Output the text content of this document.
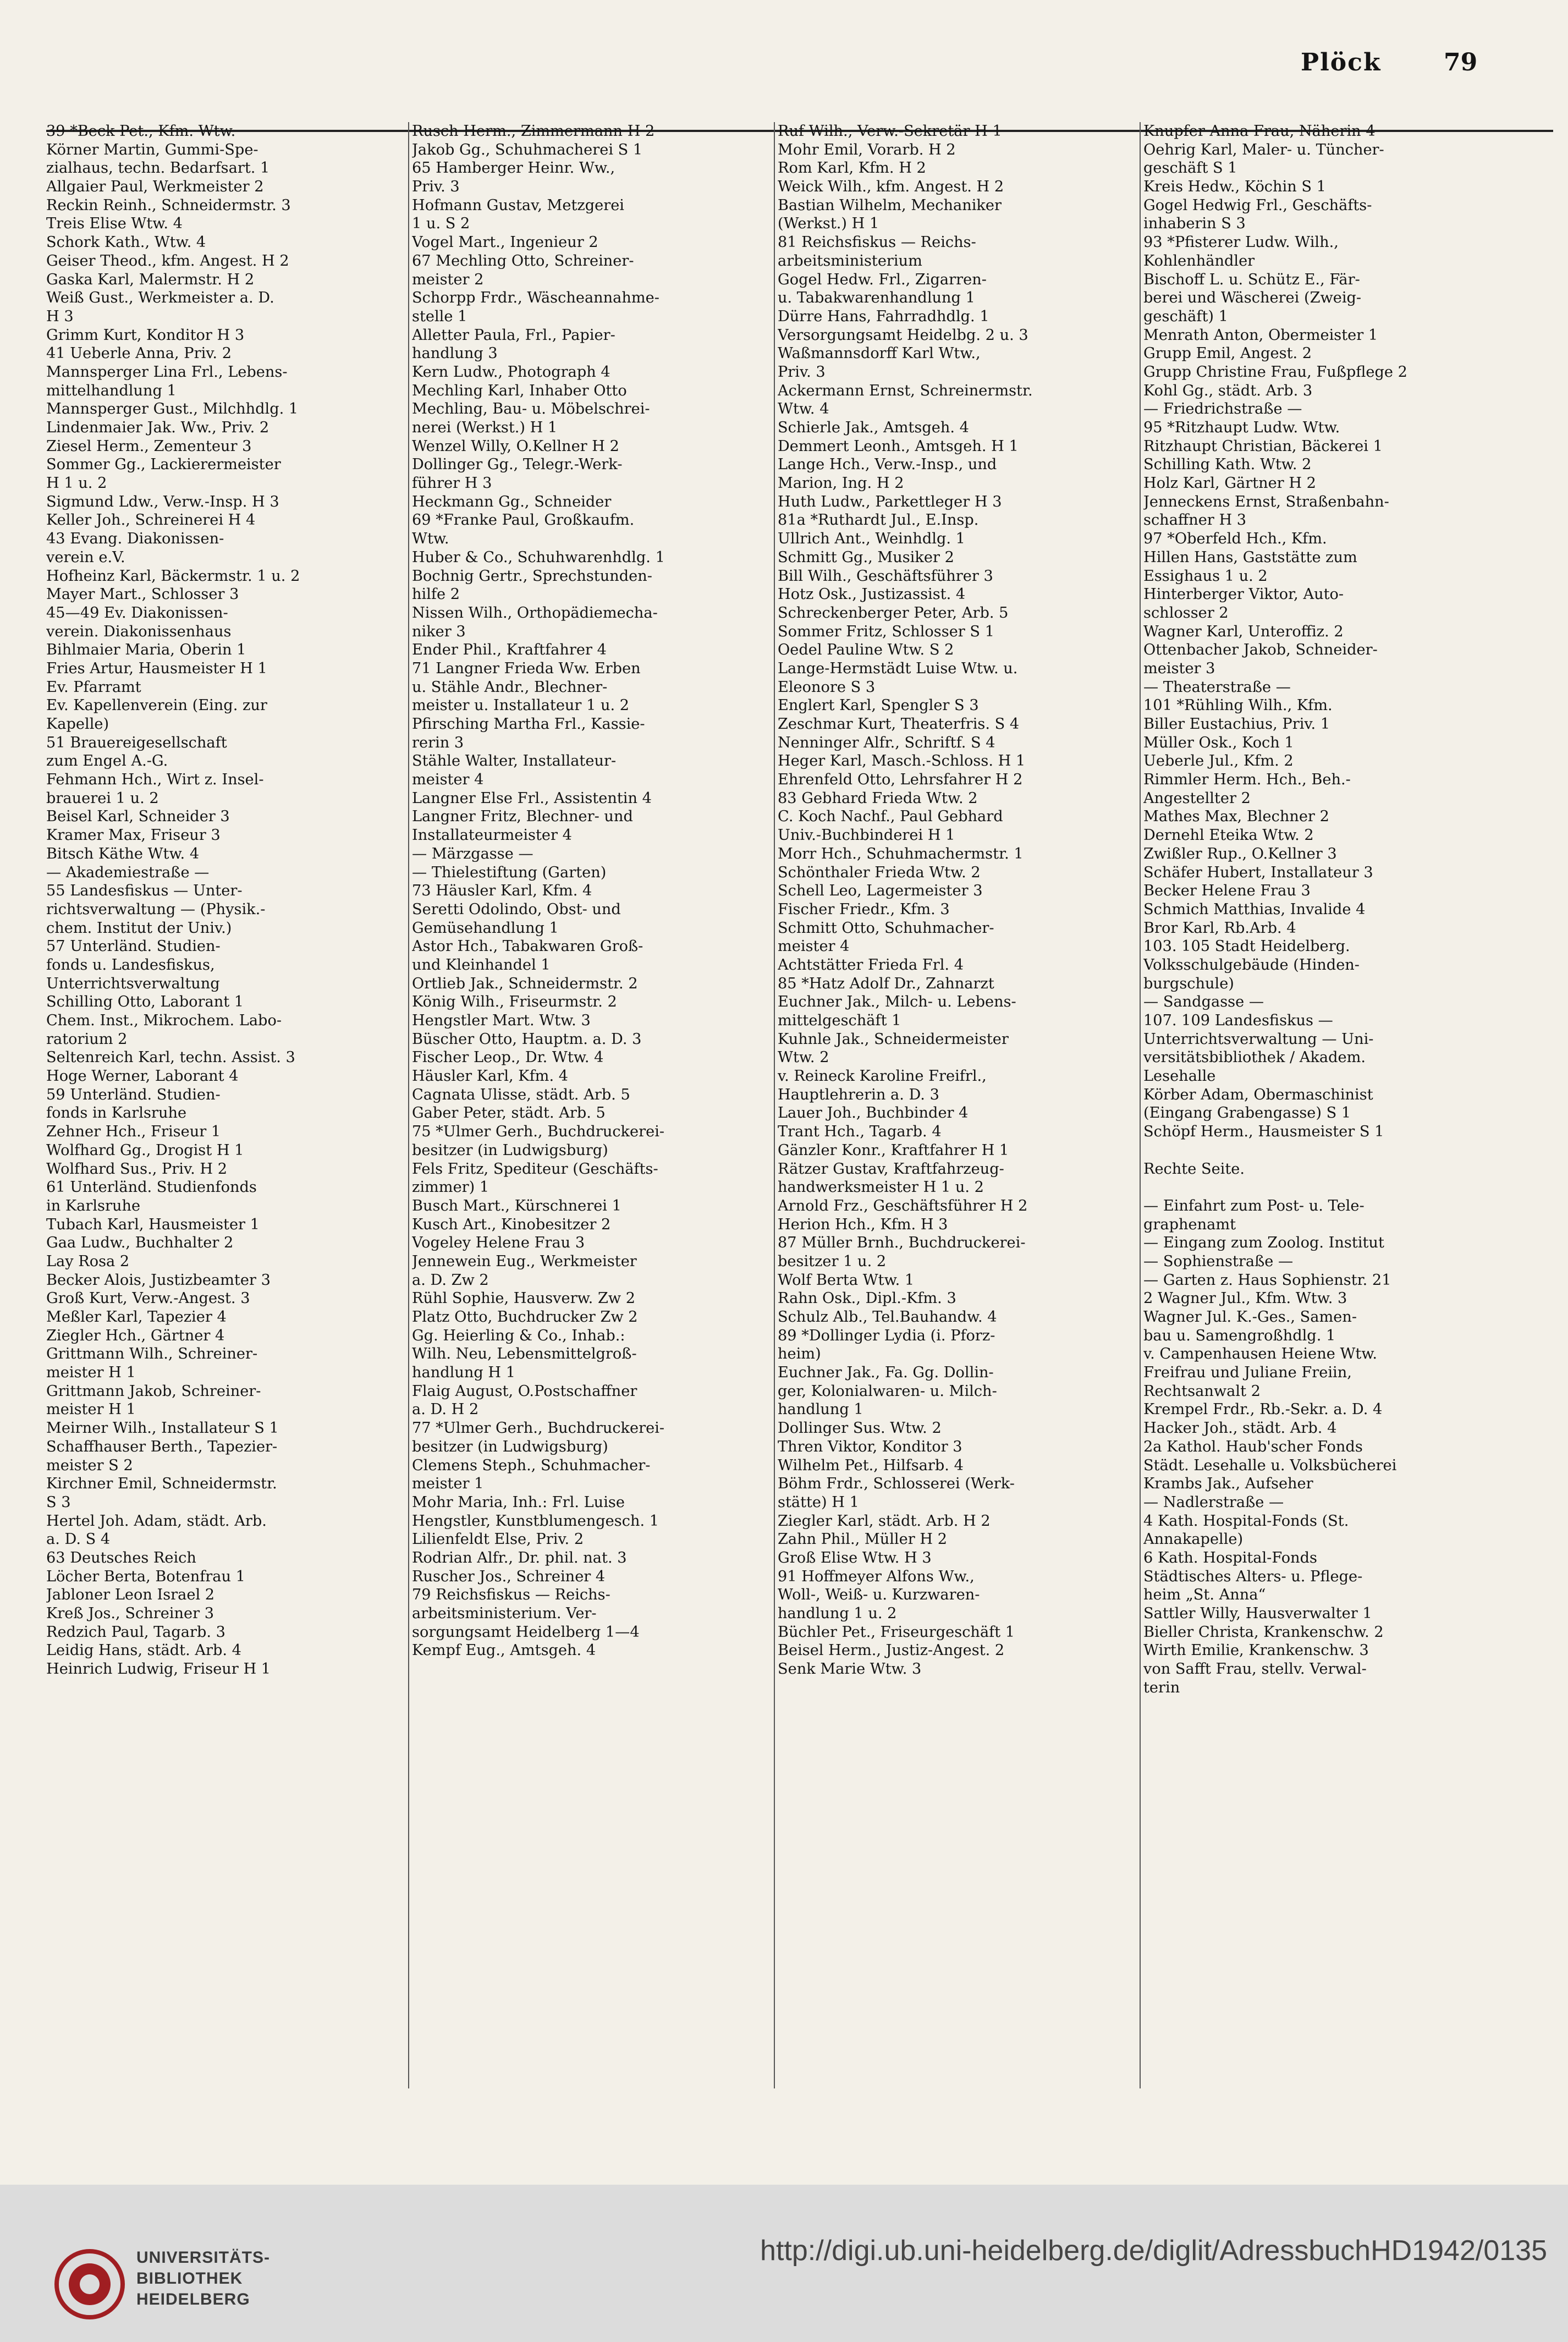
Plöck	79
39 *Beck Pet., Kfm. Wtw.
Körner Martin, Gummi-Spe-
zialhaus, techn. Bedarfsart. 1
Allgaier Paul, Werkmeister 2
Reckin Reinh., Schneidermstr. 3
Treis Elise Wtw. 4
Schork Kath., Wtw. 4
Geiser Theod., kfm. Angest. H 2
Gaska Karl, Malermstr. H 2
Weiß Gust., Werkmeister a. D.
H 3
Grimm Kurt, Konditor H 3
41 Ueberle Anna, Priv. 2
Mannsperger Lina Frl., Lebens-
mittelhandlung 1
Mannsperger Gust., Milchhdlg. 1
Lindenmaier Jak. Ww., Priv. 2
Ziesel Herm., Zementeur 3
Sommer Gg., Lackierermeister
H 1 u. 2
Sigmund Ldw., Verw.-Insp. H 3
Keller Joh., Schreinerei H 4
43 Evang. Diakonissen-
verein e.V.
Hofheinz Karl, Bäckermstr. 1 u. 2
Mayer Mart., Schlosser 3
45—49 Ev. Diakonissen-
verein. Diakonissenhaus
Bihlmaier Maria, Oberin 1
Fries Artur, Hausmeister H 1
Ev. Pfarramt
Ev. Kapellenverein (Eing. zur
Kapelle)
51 Brauereigesellschaft
zum Engel A.-G.
Fehmann Hch., Wirt z. Insel-
brauerei 1 u. 2
Beisel Karl, Schneider 3
Kramer Max, Friseur 3
Bitsch Käthe Wtw. 4
— Akademiestraße —
55 Landesfiskus — Unter-
richtsverwaltung — (Physik.-
chem. Institut der Univ.)
57 Unterländ. Studien-
fonds u. Landesfiskus,
Unterrichtsverwaltung
Schilling Otto, Laborant 1
Chem. Inst., Mikrochem. Labo-
ratorium 2
Seltenreich Karl, techn. Assist. 3
Hoge Werner, Laborant 4
59 Unterländ. Studien-
fonds in Karlsruhe
Zehner Hch., Friseur 1
Wolfhard Gg., Drogist H 1
Wolfhard Sus., Priv. H 2
61 Unterländ. Studienfonds
in Karlsruhe
Tubach Karl, Hausmeister 1
Gaa Ludw., Buchhalter 2
Lay Rosa 2
Becker Alois, Justizbeamter 3
Groß Kurt, Verw.-Angest. 3
Meßler Karl, Tapezier 4
Ziegler Hch., Gärtner 4
Grittmann Wilh., Schreiner-
meister H 1
Grittmann Jakob, Schreiner-
meister H 1
Meirner Wilh., Installateur S 1
Schaffhauser Berth., Tapezier-
meister S 2
Kirchner Emil, Schneidermstr.
S 3
Hertel Joh. Adam, städt. Arb.
a. D. S 4
63 Deutsches Reich
Löcher Berta, Botenfrau 1
Jabloner Leon Israel 2
Kreß Jos., Schreiner 3
Redzich Paul, Tagarb. 3
Leidig Hans, städt. Arb. 4
Heinrich Ludwig, Friseur H 1
Rusch Herm., Zimmermann H 2
Jakob Gg., Schuhmacherei S 1
65 Hamberger Heinr. Ww.,
Priv. 3
Hofmann Gustav, Metzgerei
1 u. S 2
Vogel Mart., Ingenieur 2
67 Mechling Otto, Schreiner-
meister 2
Schorpp Frdr., Wäscheannahme-
stelle 1
Alletter Paula, Frl., Papier-
handlung 3
Kern Ludw., Photograph 4
Mechling Karl, Inhaber Otto
Mechling, Bau- u. Möbelschrei-
nerei (Werkst.) H 1
Wenzel Willy, O.Kellner H 2
Dollinger Gg., Telegr.-Werk-
führer H 3
Heckmann Gg., Schneider
69 *Franke Paul, Großkaufm.
Wtw.
Huber & Co., Schuhwarenhdlg. 1
Bochnig Gertr., Sprechstunden-
hilfe 2
Nissen Wilh., Orthopädiemecha-
niker 3
Ender Phil., Kraftfahrer 4
71 Langner Frieda Ww. Erben
u. Stähle Andr., Blechner-
meister u. Installateur 1 u. 2
Pfirsching Martha Frl., Kassie-
rerin 3
Stähle Walter, Installateur-
meister 4
Langner Else Frl., Assistentin 4
Langner Fritz, Blechner- und
Installateurmeister 4
— Märzgasse —
— Thielestiftung (Garten)
73 Häusler Karl, Kfm. 4
Seretti Odolindo, Obst- und
Gemüsehandlung 1
Astor Hch., Tabakwaren Groß-
und Kleinhandel 1
Ortlieb Jak., Schneidermstr. 2
König Wilh., Friseurmstr. 2
Hengstler Mart. Wtw. 3
Büscher Otto, Hauptm. a. D. 3
Fischer Leop., Dr. Wtw. 4
Häusler Karl, Kfm. 4
Cagnata Ulisse, städt. Arb. 5
Gaber Peter, städt. Arb. 5
75 *Ulmer Gerh., Buchdruckerei-
besitzer (in Ludwigsburg)
Fels Fritz, Spediteur (Geschäfts-
zimmer) 1
Busch Mart., Kürschnerei 1
Kusch Art., Kinobesitzer 2
Vogeley Helene Frau 3
Jennewein Eug., Werkmeister
a. D. Zw 2
Rühl Sophie, Hausverw. Zw 2
Platz Otto, Buchdrucker Zw 2
Gg. Heierling & Co., Inhab.:
Wilh. Neu, Lebensmittelgroß-
handlung H 1
Flaig August, O.Postschaffner
a. D. H 2
77 *Ulmer Gerh., Buchdruckerei-
besitzer (in Ludwigsburg)
Clemens Steph., Schuhmacher-
meister 1
Mohr Maria, Inh.: Frl. Luise
Hengstler, Kunstblumengesch. 1
Lilienfeldt Else, Priv. 2
Rodrian Alfr., Dr. phil. nat. 3
Ruscher Jos., Schreiner 4
79 Reichsfiskus — Reichs-
arbeitsministerium. Ver-
sorgungsamt Heidelberg 1—4
Kempf Eug., Amtsgeh. 4
Ruf Wilh., Verw.-Sekretär H 1
Mohr Emil, Vorarb. H 2
Rom Karl, Kfm. H 2
Weick Wilh., kfm. Angest. H 2
Bastian Wilhelm, Mechaniker
(Werkst.) H 1
81 Reichsfiskus — Reichs-
arbeitsministerium
Gogel Hedw. Frl., Zigarren-
u. Tabakwarenhandlung 1
Dürre Hans, Fahrradhdlg. 1
Versorgungsamt Heidelbg. 2 u. 3
Waßmannsdorff Karl Wtw.,
Priv. 3
Ackermann Ernst, Schreinermstr.
Wtw. 4
Schierle Jak., Amtsgeh. 4
Demmert Leonh., Amtsgeh. H 1
Lange Hch., Verw.-Insp., und
Marion, Ing. H 2
Huth Ludw., Parkettleger H 3
81a *Ruthardt Jul., E.Insp.
Ullrich Ant., Weinhdlg. 1
Schmitt Gg., Musiker 2
Bill Wilh., Geschäftsführer 3
Hotz Osk., Justizassist. 4
Schreckenberger Peter, Arb. 5
Sommer Fritz, Schlosser S 1
Oedel Pauline Wtw. S 2
Lange-Hermstädt Luise Wtw. u.
Eleonore S 3
Englert Karl, Spengler S 3
Zeschmar Kurt, Theaterfris. S 4
Nenninger Alfr., Schriftf. S 4
Heger Karl, Masch.-Schloss. H 1
Ehrenfeld Otto, Lehrsfahrer H 2
83 Gebhard Frieda Wtw. 2
C. Koch Nachf., Paul Gebhard
Univ.-Buchbinderei H 1
Morr Hch., Schuhmachermstr. 1
Schönthaler Frieda Wtw. 2
Schell Leo, Lagermeister 3
Fischer Friedr., Kfm. 3
Schmitt Otto, Schuhmacher-
meister 4
Achtstätter Frieda Frl. 4
85 *Hatz Adolf Dr., Zahnarzt
Euchner Jak., Milch- u. Lebens-
mittelgeschäft 1
Kuhnle Jak., Schneidermeister
Wtw. 2
v. Reineck Karoline Freifrl.,
Hauptlehrerin a. D. 3
Lauer Joh., Buchbinder 4
Trant Hch., Tagarb. 4
Gänzler Konr., Kraftfahrer H 1
Rätzer Gustav, Kraftfahrzeug-
handwerksmeister H 1 u. 2
Arnold Frz., Geschäftsführer H 2
Herion Hch., Kfm. H 3
87 Müller Brnh., Buchdruckerei-
besitzer 1 u. 2
Wolf Berta Wtw. 1
Rahn Osk., Dipl.-Kfm. 3
Schulz Alb., Tel.Bauhandw. 4
89 *Dollinger Lydia (i. Pforz-
heim)
Euchner Jak., Fa. Gg. Dollin-
ger, Kolonialwaren- u. Milch-
handlung 1
Dollinger Sus. Wtw. 2
Thren Viktor, Konditor 3
Wilhelm Pet., Hilfsarb. 4
Böhm Frdr., Schlosserei (Werk-
stätte) H 1
Ziegler Karl, städt. Arb. H 2
Zahn Phil., Müller H 2
Groß Elise Wtw. H 3
91 Hoffmeyer Alfons Ww.,
Woll-, Weiß- u. Kurzwaren-
handlung 1 u. 2
Büchler Pet., Friseurgeschäft 1
Beisel Herm., Justiz-Angest. 2
Senk Marie Wtw. 3
Knupfer Anna Frau, Näherin 4
Oehrig Karl, Maler- u. Tüncher-
geschäft S 1
Kreis Hedw., Köchin S 1
Gogel Hedwig Frl., Geschäfts-
inhaberin S 3
93 *Pfisterer Ludw. Wilh.,
Kohlenhändler
Bischoff L. u. Schütz E., Fär-
berei und Wäscherei (Zweig-
geschäft) 1
Menrath Anton, Obermeister 1
Grupp Emil, Angest. 2
Grupp Christine Frau, Fußpflege 2
Kohl Gg., städt. Arb. 3
— Friedrichstraße —
95 *Ritzhaupt Ludw. Wtw.
Ritzhaupt Christian, Bäckerei 1
Schilling Kath. Wtw. 2
Holz Karl, Gärtner H 2
Jenneckens Ernst, Straßenbahn-
schaffner H 3
97 *Oberfeld Hch., Kfm.
Hillen Hans, Gaststätte zum
Essighaus 1 u. 2
Hinterberger Viktor, Auto-
schlosser 2
Wagner Karl, Unteroffiz. 2
Ottenbacher Jakob, Schneider-
meister 3
— Theaterstraße —
101 *Rühling Wilh., Kfm.
Biller Eustachius, Priv. 1
Müller Osk., Koch 1
Ueberle Jul., Kfm. 2
Rimmler Herm. Hch., Beh.-
Angestellter 2
Mathes Max, Blechner 2
Dernehl Eteika Wtw. 2
Zwißler Rup., O.Kellner 3
Schäfer Hubert, Installateur 3
Becker Helene Frau 3
Schmich Matthias, Invalide 4
Bror Karl, Rb.Arb. 4
103. 105 Stadt Heidelberg.
Volksschulgebäude (Hinden-
burgschule)
— Sandgasse —
107. 109 Landesfiskus —
Unterrichtsverwaltung — Uni-
versitätsbibliothek / Akadem.
Lesehalle
Körber Adam, Obermaschinist
(Eingang Grabengasse) S 1
Schöpf Herm., Hausmeister S 1
Rechte Seite.
— Einfahrt zum Post- u. Tele-
graphenamt
— Eingang zum Zoolog. Institut
— Sophienstraße —
— Garten z. Haus Sophienstr. 21
2 Wagner Jul., Kfm. Wtw. 3
Wagner Jul. K.-Ges., Samen-
bau u. Samengroßhdlg. 1
v. Campenhausen Heiene Wtw.
Freifrau und Juliane Freiin,
Rechtsanwalt 2
Krempel Frdr., Rb.-Sekr. a. D. 4
Hacker Joh., städt. Arb. 4
2a Kathol. Haub'scher Fonds
Städt. Lesehalle u. Volksbücherei
Krambs Jak., Aufseher
— Nadlerstraße —
4 Kath. Hospital-Fonds (St.
Annakapelle)
6 Kath. Hospital-Fonds
Städtisches Alters- u. Pflege-
heim „St. Anna“
Sattler Willy, Hausverwalter 1
Bieller Christa, Krankenschw. 2
Wirth Emilie, Krankenschw. 3
von Safft Frau, stellv. Verwal-
terin
UNIVERSITÄTS-
BIBLIOTHEK
HEIDELBERG
http://digi.ub.uni-heidelberg.de/diglit/AdressbuchHD1942/0135
